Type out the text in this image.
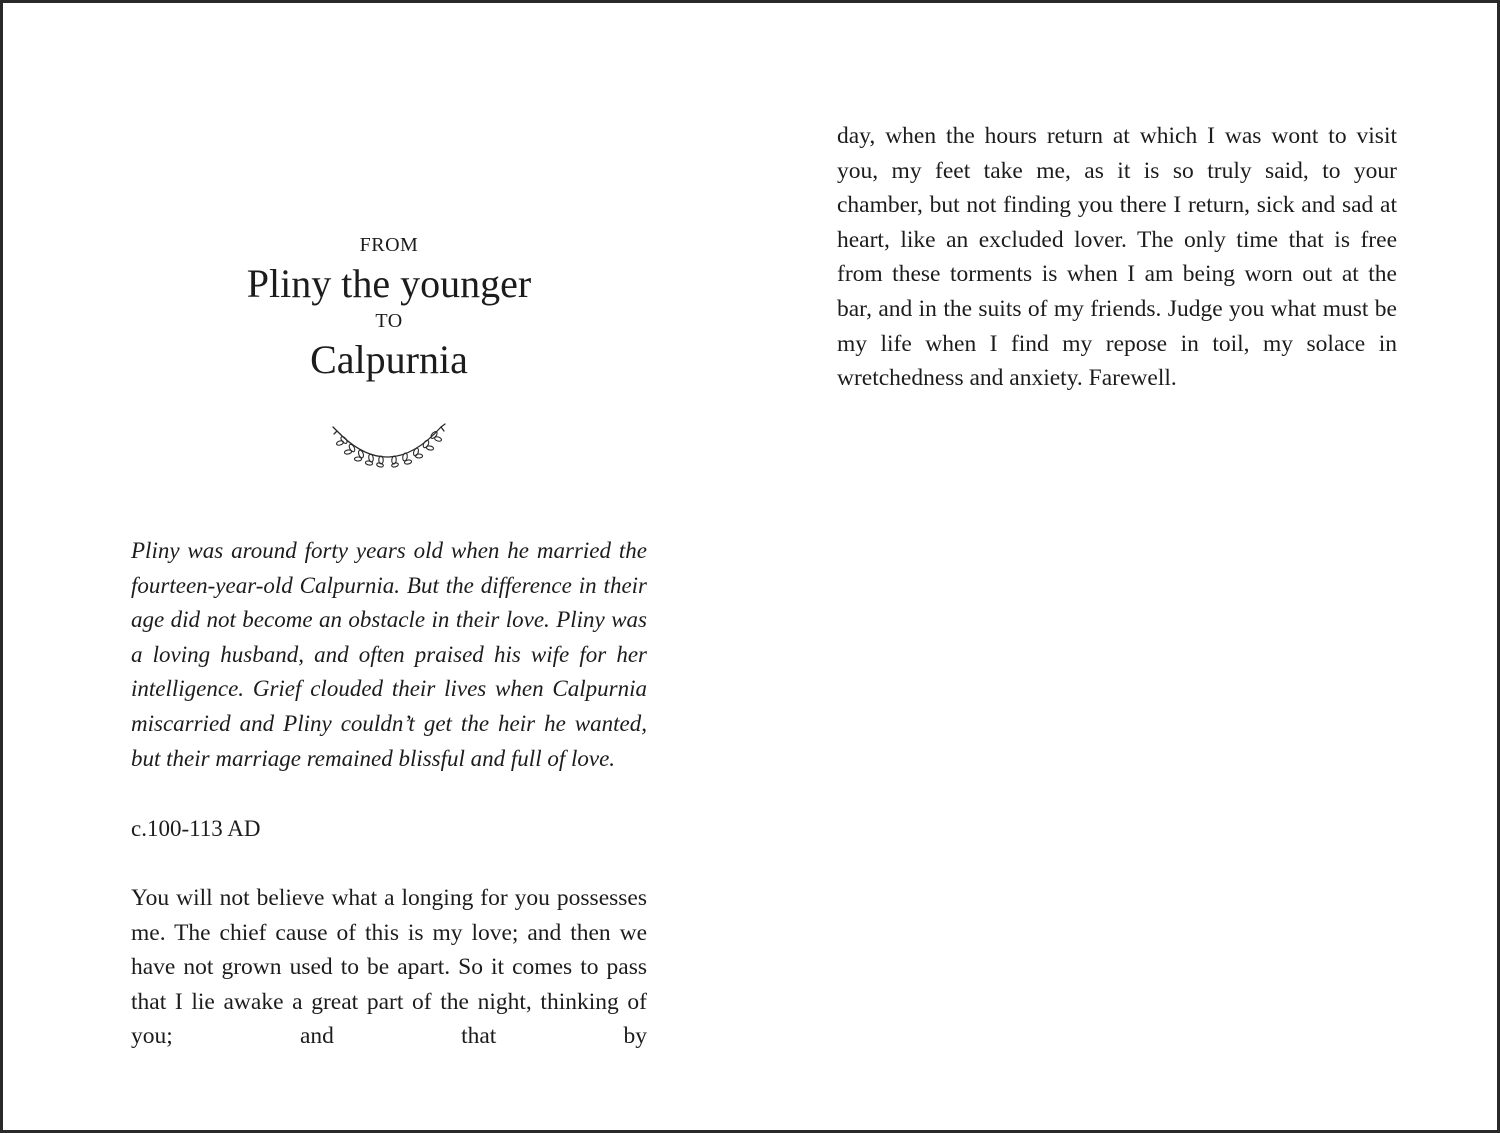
FROM
Pliny the younger
TO
Calpurnia

Pliny was around forty years old when he married the fourteen-year-old Calpurnia. But the difference in their age did not become an obstacle in their love. Pliny was a loving husband, and often praised his wife for her intelligence. Grief clouded their lives when Calpurnia miscarried and Pliny couldn’t get the heir he wanted, but their marriage remained blissful and full of love.

c.100-113 AD

You will not believe what a longing for you possesses me. The chief cause of this is my love; and then we have not grown used to be apart. So it comes to pass that I lie awake a great part of the night, thinking of you; and that by

day, when the hours return at which I was wont to visit you, my feet take me, as it is so truly said, to your chamber, but not finding you there I return, sick and sad at heart, like an excluded lover. The only time that is free from these torments is when I am being worn out at the bar, and in the suits of my friends. Judge you what must be my life when I find my repose in toil, my solace in wretchedness and anxiety. Farewell.
